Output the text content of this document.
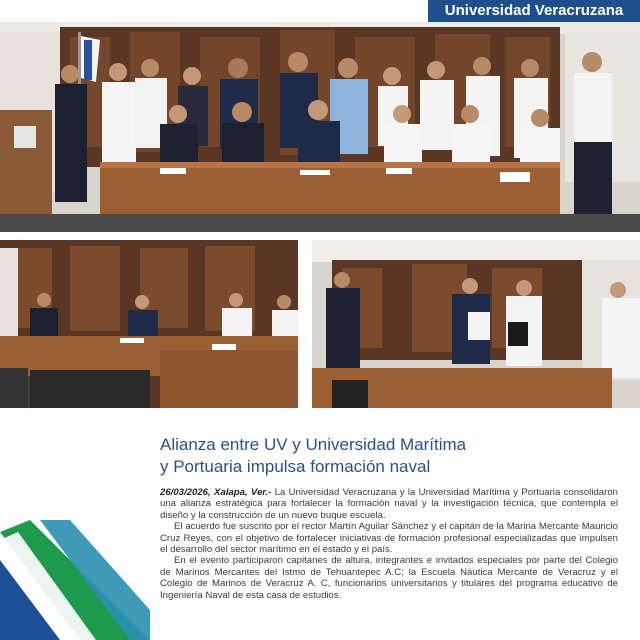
Universidad Veracruzana
Alianza entre UV y Universidad Marítima
y Portuaria impulsa formación naval

26/03/2026, Xalapa, Ver.- La Universidad Veracruzana y la Universidad Marítima y Portuaria consolidaron una alianza estratégica para fortalecer la formación naval y la investigación técnica, que contempla el diseño y la construcción de un nuevo buque escuela.

El acuerdo fue suscrito por el rector Martín Aguilar Sánchez y el capitán de la Marina Mercante Mauricio Cruz Reyes, con el objetivo de fortalecer iniciativas de formación profesional especializadas que impulsen el desarrollo del sector marítimo en el estado y el país.

En el evento participaron capitanes de altura, integrantes e invitados especiales por parte del Colegio de Marinos Mercantes del Istmo de Tehuantepec A.C; la Escuela Náutica Mercante de Veracruz y el Colegio de Marinos de Veracruz A. C, funcionarios universitarios y titulares del programa educativo de Ingeniería Naval de esta casa de estudios.
